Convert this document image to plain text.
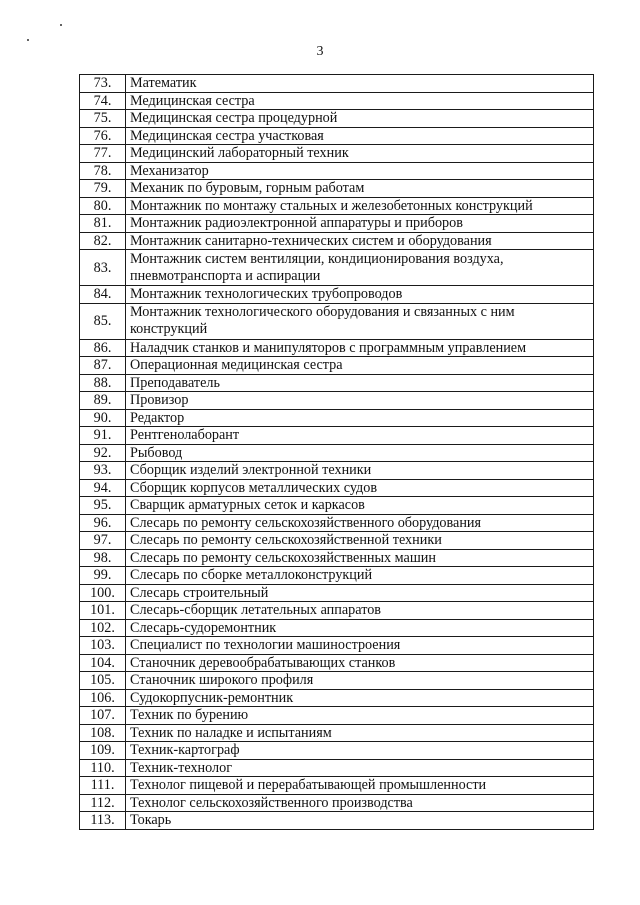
3
73.	Математик
74.	Медицинская сестра
75.	Медицинская сестра процедурной
76.	Медицинская сестра участковая
77.	Медицинский лабораторный техник
78.	Механизатор
79.	Механик по буровым, горным работам
80.	Монтажник по монтажу стальных и железобетонных конструкций
81.	Монтажник радиоэлектронной аппаратуры и приборов
82.	Монтажник санитарно-технических систем и оборудования
83.	Монтажник систем вентиляции, кондиционирования воздуха, пневмотранспорта и аспирации
84.	Монтажник технологических трубопроводов
85.	Монтажник технологического оборудования и связанных с ним конструкций
86.	Наладчик станков и манипуляторов с программным управлением
87.	Операционная медицинская сестра
88.	Преподаватель
89.	Провизор
90.	Редактор
91.	Рентгенолаборант
92.	Рыбовод
93.	Сборщик изделий электронной техники
94.	Сборщик корпусов металлических судов
95.	Сварщик арматурных сеток и каркасов
96.	Слесарь по ремонту сельскохозяйственного оборудования
97.	Слесарь по ремонту сельскохозяйственной техники
98.	Слесарь по ремонту сельскохозяйственных машин
99.	Слесарь по сборке металлоконструкций
100.	Слесарь строительный
101.	Слесарь-сборщик летательных аппаратов
102.	Слесарь-судоремонтник
103.	Специалист по технологии машиностроения
104.	Станочник деревообрабатывающих станков
105.	Станочник широкого профиля
106.	Судокорпусник-ремонтник
107.	Техник по бурению
108.	Техник по наладке и испытаниям
109.	Техник-картограф
110.	Техник-технолог
111.	Технолог пищевой и перерабатывающей промышленности
112.	Технолог сельскохозяйственного производства
113.	Токарь
